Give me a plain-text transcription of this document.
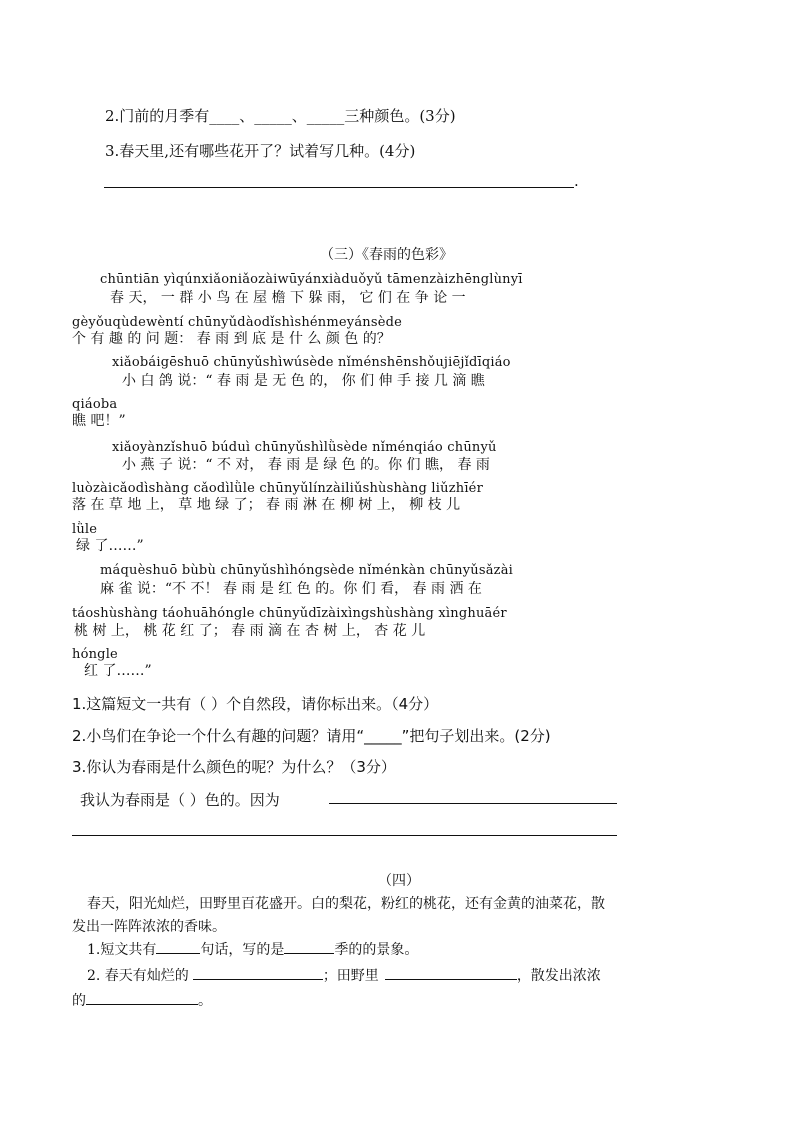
2.门前的月季有____、_____、_____三种颜色。(3分)
3.春天里,还有哪些花开了？试着写几种。(4分)
.
（三）《春雨的色彩》
chūntiān yìqúnxiǎoniǎozàiwūyánxiàduǒyǔ tāmenzàizhēnglùnyī
春 天， 一 群 小 鸟 在 屋 檐 下 躲 雨， 它 们 在 争 论 一
gèyǒuqùdewèntí chūnyǔdàodǐshìshénmeyánsède
个 有 趣 的 问 题： 春 雨 到 底 是 什 么 颜 色 的？
xiǎobáigēshuō chūnyǔshìwúsède nǐménshēnshǒujiējǐdīqiáo
小 白 鸽 说：“ 春 雨 是 无 色 的， 你 们 伸 手 接 几 滴 瞧
qiáoba
瞧 吧！”
xiǎoyànzǐshuō búduì chūnyǔshìlǜsède nǐménqiáo chūnyǔ
小 燕 子 说：“ 不 对， 春 雨 是 绿 色 的。你 们 瞧， 春 雨
luòzàicǎodìshàng cǎodìlǜle chūnyǔlínzàiliǔshùshàng liǔzhīér
落 在 草 地 上， 草 地 绿 了； 春 雨 淋 在 柳 树 上， 柳 枝 儿
lǜle
绿 了……”
máquèshuō bùbù chūnyǔshìhóngsède nǐménkàn chūnyǔsǎzài
麻 雀 说：“不 不！ 春 雨 是 红 色 的。你 们 看， 春 雨 洒 在
táoshùshàng táohuāhóngle chūnyǔdīzàixìngshùshàng xìnghuāér
桃 树 上， 桃 花 红 了； 春 雨 滴 在 杏 树 上， 杏 花 儿
hóngle
红 了……”
1.这篇短文一共有（ ）个自然段，请你标出来。（4分）
2.小鸟们在争论一个什么有趣的问题？请用“_____”把句子划出来。(2分)
3.你认为春雨是什么颜色的呢？为什么？（3分）
我认为春雨是（ ）色的。因为
（四）
春天，阳光灿烂，田野里百花盛开。白的梨花，粉红的桃花，还有金黄的油菜花，散
发出一阵阵浓浓的香味。
1.短文共有	句话，写的是	季的的景象。
2. 春天有灿烂的	；田野里	，散发出浓浓
的	。
